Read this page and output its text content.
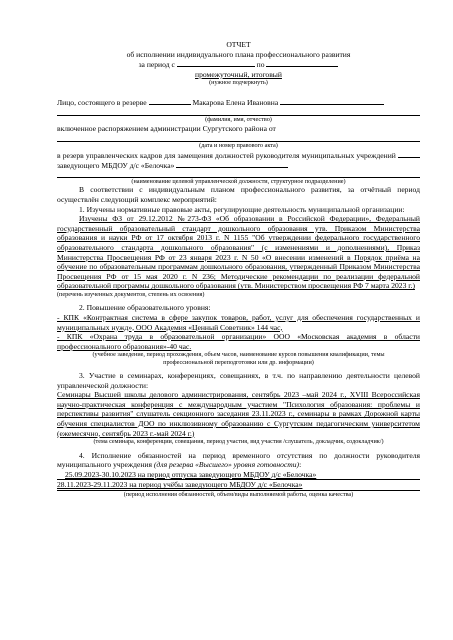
ОТЧЕТ
об исполнении индивидуального плана профессионального развития
за период с	по
промежуточный, итоговый
(нужное подчеркнуть)
Лицо, состоящего в резерве	Макарова Елена Ивановна
(фамилия, имя, отчество)
включенное распоряжением администрации Сургутского района от
(дата и номер правового акта)
в резерв управленческих кадров для замещения должностей руководителя муниципальных учреждений  заведующего МБДОУ д/с «Белочка»
(наименование целевой управленческой должности, структурное подразделение)
В соответствии с индивидуальным планом профессионального развития, за отчётный период осуществлён следующий комплекс мероприятий:
1. Изучены нормативные правовые акты, регулирующие деятельность муниципальной организации:
Изучены ФЗ от 29.12.2012 №273-ФЗ «Об образовании в Российской Федерации», Федеральный государственный образовательный стандарт дошкольного образования утв. Приказом Министерства образования и науки РФ от 17 октября 2013 г. N 1155 "Об утверждении федерального государственного образовательного стандарта дошкольного образования" (с изменениями и дополнениями), Приказ Министерства Просвещения РФ от 23 января 2023 г. N 50 «О внесении изменений в Порядок приёма на обучение по образовательным программам дошкольного образования, утвержденный Приказом Министерства Просвещения РФ от 15 мая 2020 г. N 236; Методические рекомендации по реализации федеральной образовательной программы дошкольного образования (утв. Министерством просвещения РФ 7 марта 2023 г.)
(перечень изученных документов, степень их освоения)
2. Повышение образовательного уровня:
- КПК «Контрактная система в сфере закупок товаров, работ, услуг для обеспечения государственных и муниципальных нужд», ООО Академия «Ценный Советник» 144 час,
- КПК «Охрана труда в образовательной организации» ООО «Московская академия в области профессионального образования»-40 час.
(учебное заведение, период прохождения, объем часов, наименование курсов повышения квалификации, темы
профессиональной переподготовки или др. информации)
3. Участие в семинарах, конференциях, совещаниях, в т.ч. по направлению деятельности целевой управленческой должности:
Семинары Высшей школы делового администрирования, сентябрь 2023 –май 2024 г., XVIII Всероссийская научно-практическая конференция с международным участием "Психология образования: проблемы и перспективы развития" слушатель секционного заседания 23.11.2023 г., семинары в рамках Дорожной карты обучения специалистов ДОО по инклюзивному образованию с Сургутским педагогическим университетом (ежемесячно, сентябрь 2023 г.-май 2024 г.)
(тема семинара, конференции, совещания, период участия, вид участия /слушатель, докладчик, содокладчик/)
4. Исполнение обязанностей на период временного отсутствия по должности руководителя муниципального учреждения (для резерва «Высшего» уровня готовности):
25.09.2023-30.10.2023 на период отпуска заведующего МБДОУ д/с «Белочка»
28.11.2023-29.11.2023 на период учёбы заведующего МБДОУ д/с «Белочка»
(период исполнения обязанностей, объем/виды выполняемой работы, оценка качества)
